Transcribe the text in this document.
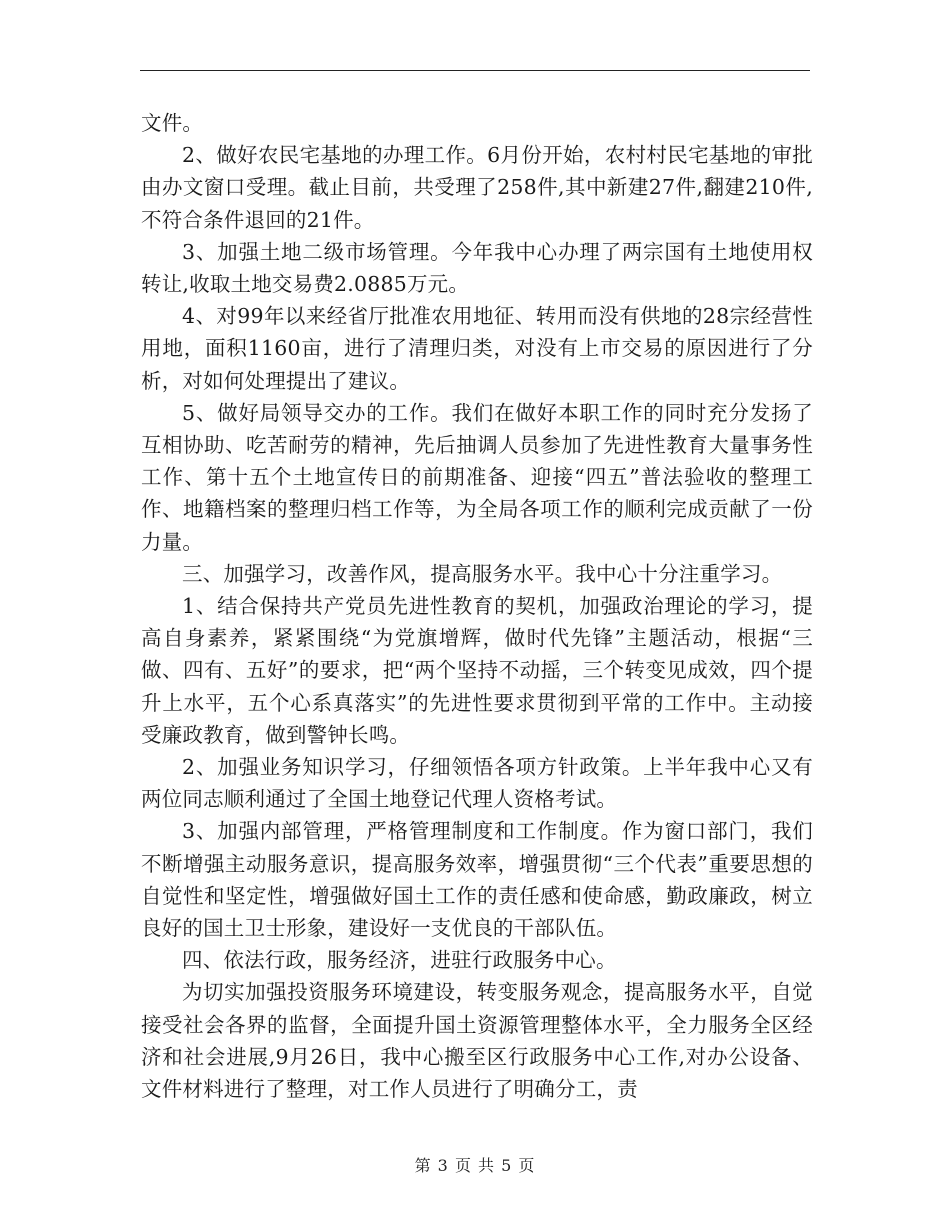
文件。

2、做好农民宅基地的办理工作。6月份开始，农村村民宅基地的审批由办文窗口受理。截止目前，共受理了258件,其中新建27件,翻建210件,不符合条件退回的21件。

3、加强土地二级市场管理。今年我中心办理了两宗国有土地使用权转让,收取土地交易费2.0885万元。

4、对99年以来经省厅批准农用地征、转用而没有供地的28宗经营性用地，面积1160亩，进行了清理归类，对没有上市交易的原因进行了分析，对如何处理提出了建议。

5、做好局领导交办的工作。我们在做好本职工作的同时充分发扬了互相协助、吃苦耐劳的精神，先后抽调人员参加了先进性教育大量事务性工作、第十五个土地宣传日的前期准备、迎接“四五”普法验收的整理工作、地籍档案的整理归档工作等，为全局各项工作的顺利完成贡献了一份力量。

三、加强学习，改善作风，提高服务水平。我中心十分注重学习。

1、结合保持共产党员先进性教育的契机，加强政治理论的学习，提高自身素养，紧紧围绕“为党旗增辉，做时代先锋”主题活动，根据“三做、四有、五好”的要求，把“两个坚持不动摇，三个转变见成效，四个提升上水平，五个心系真落实”的先进性要求贯彻到平常的工作中。主动接受廉政教育，做到警钟长鸣。

2、加强业务知识学习，仔细领悟各项方针政策。上半年我中心又有两位同志顺利通过了全国土地登记代理人资格考试。

3、加强内部管理，严格管理制度和工作制度。作为窗口部门，我们不断增强主动服务意识，提高服务效率，增强贯彻“三个代表”重要思想的自觉性和坚定性，增强做好国土工作的责任感和使命感，勤政廉政，树立良好的国土卫士形象，建设好一支优良的干部队伍。

四、依法行政，服务经济，进驻行政服务中心。

为切实加强投资服务环境建设，转变服务观念，提高服务水平，自觉接受社会各界的监督，全面提升国土资源管理整体水平，全力服务全区经济和社会进展,9月26日，我中心搬至区行政服务中心工作,对办公设备、文件材料进行了整理，对工作人员进行了明确分工，责

第 3 页 共 5 页
